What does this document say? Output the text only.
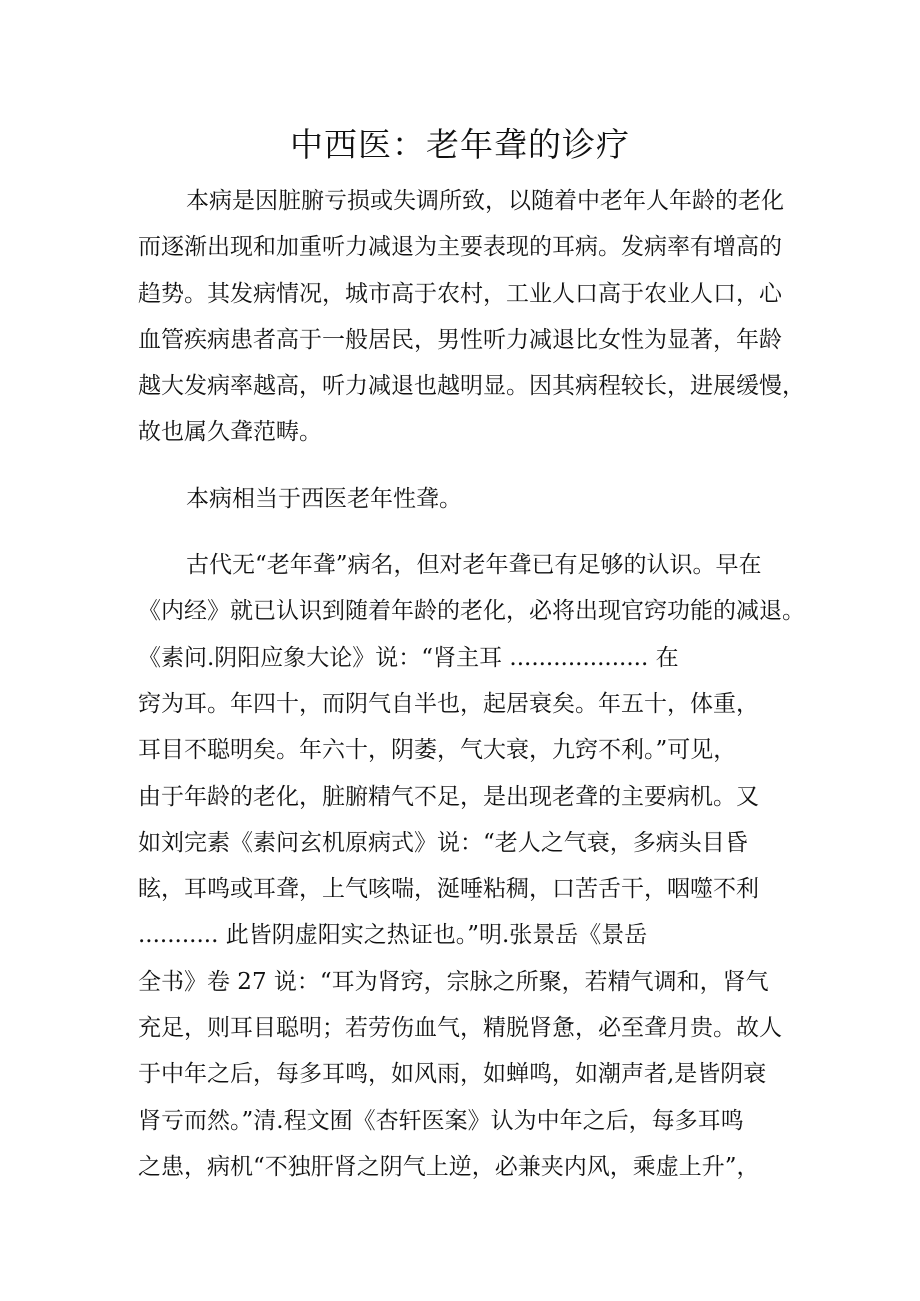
中西医：老年聋的诊疗
本病是因脏腑亏损或失调所致，以随着中老年人年龄的老化
而逐渐出现和加重听力减退为主要表现的耳病。发病率有增高的
趋势。其发病情况，城市高于农村，工业人口高于农业人口，心
血管疾病患者高于一般居民，男性听力减退比女性为显著，年龄
越大发病率越高，听力减退也越明显。因其病程较长，进展缓慢，
故也属久聋范畴。
本病相当于西医老年性聋。
古代无“老年聋”病名，但对老年聋已有足够的认识。早在
《内经》就已认识到随着年龄的老化，必将出现官窍功能的减退。
《素问.阴阳应象大论》说：“肾主耳 ................... 在
窍为耳。年四十，而阴气自半也，起居衰矣。年五十，体重，
耳目不聪明矣。年六十，阴萎，气大衰，九窍不利。”可见，
由于年龄的老化，脏腑精气不足，是出现老聋的主要病机。又
如刘完素《素问玄机原病式》说：“老人之气衰，多病头目昏
眩，耳鸣或耳聋，上气咳喘，涎唾粘稠，口苦舌干，咽噬不利
........... 此皆阴虚阳实之热证也。”明.张景岳《景岳
全书》卷 27 说：“耳为肾窍，宗脉之所聚，若精气调和，肾气
充足，则耳目聪明；若劳伤血气，精脱肾惫，必至聋月贵。故人
于中年之后，每多耳鸣，如风雨，如蝉鸣，如潮声者,是皆阴衰
肾亏而然。”清.程文囿《杏轩医案》认为中年之后，每多耳鸣
之患，病机“不独肝肾之阴气上逆，必兼夹内风，乘虚上升”，
